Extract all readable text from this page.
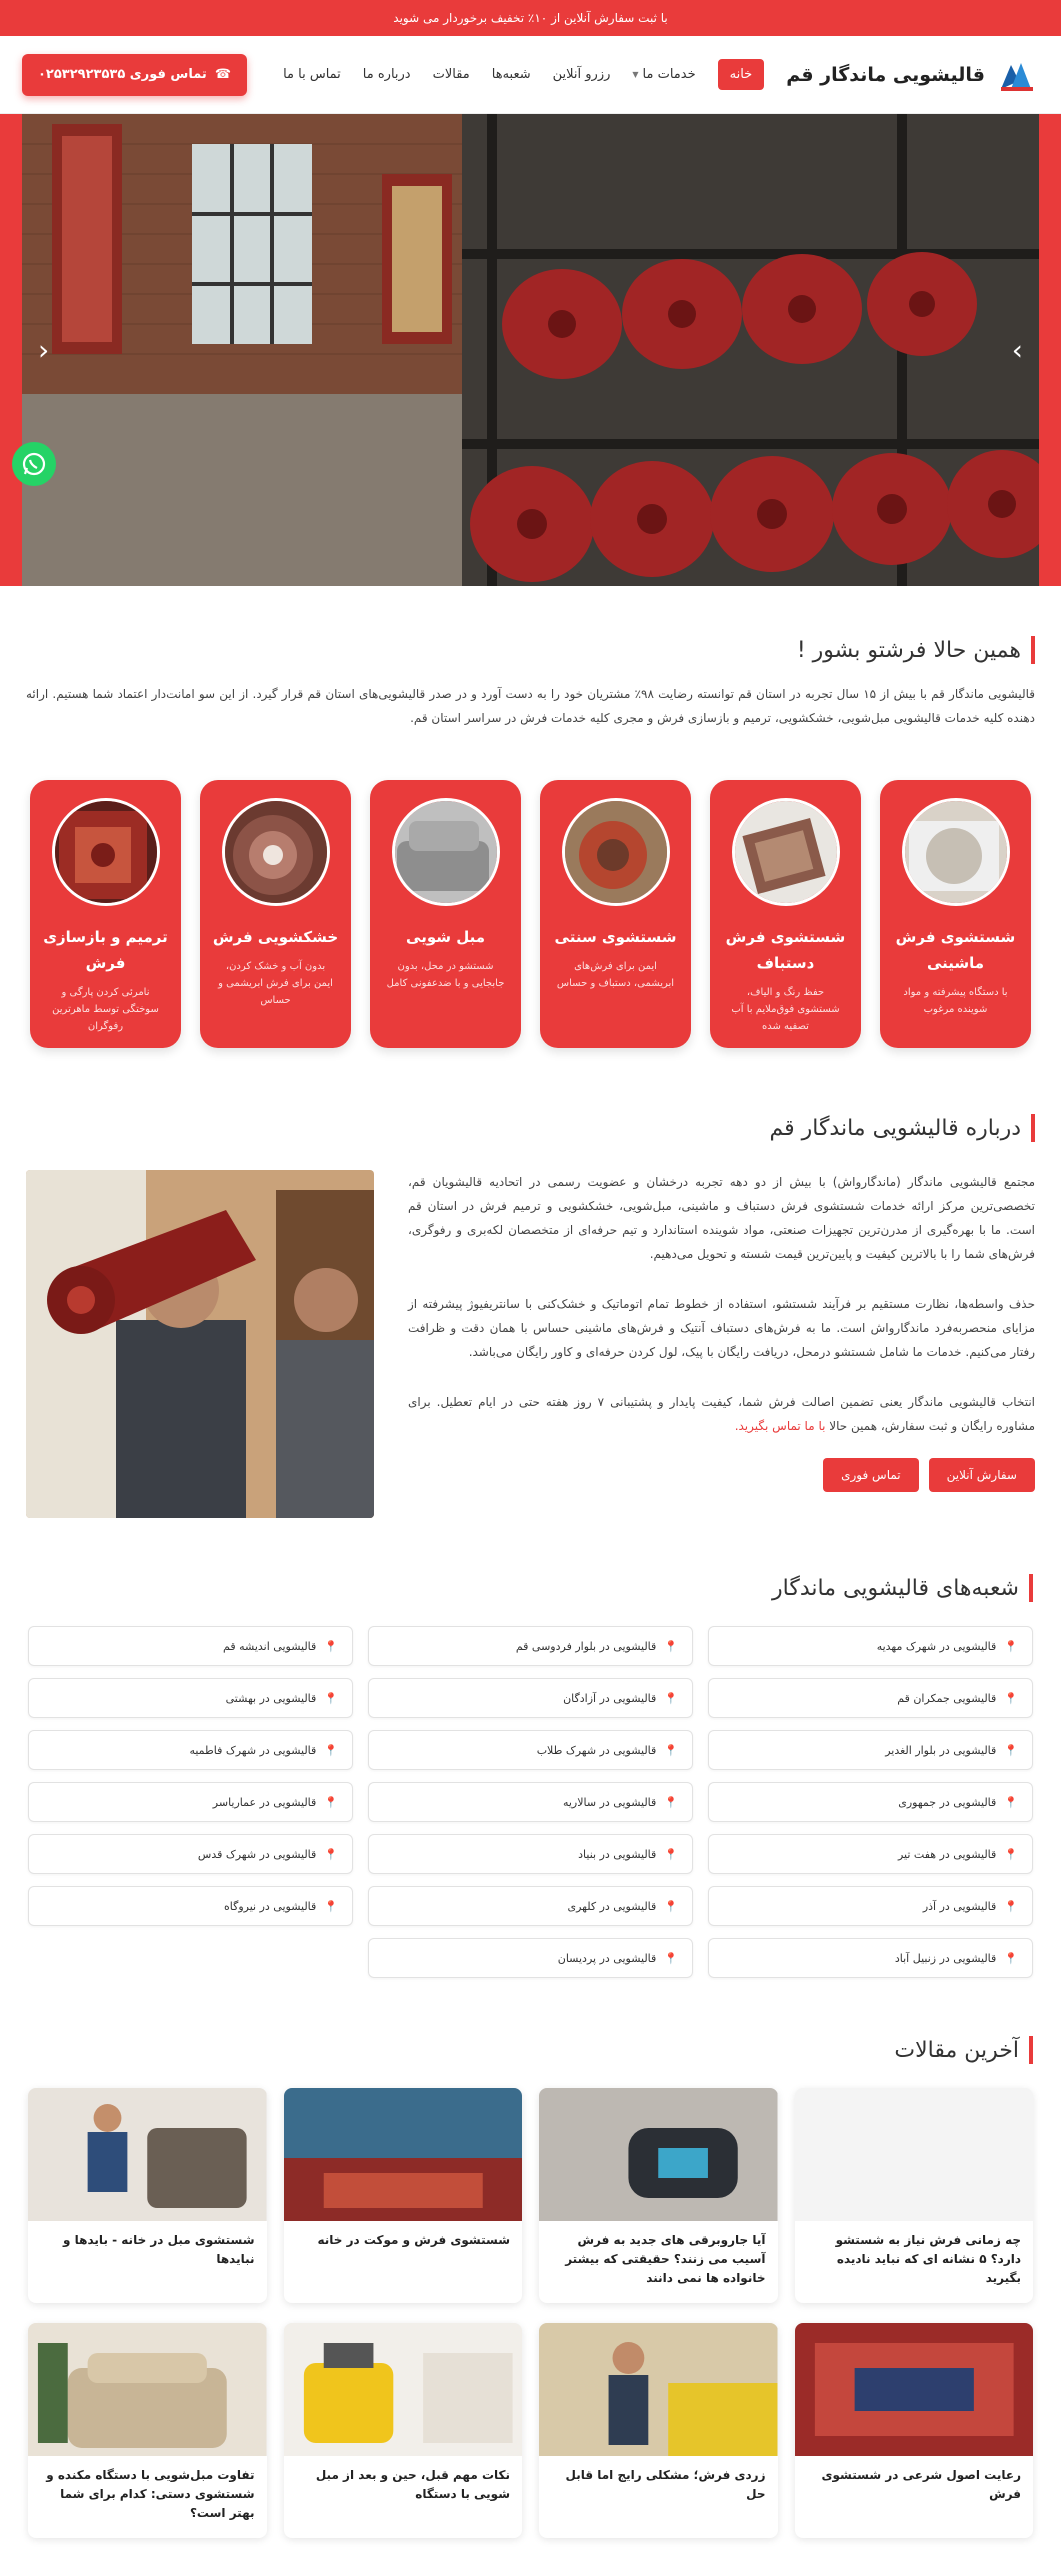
با ثبت سفارش آنلاین از ۱۰٪ تخفیف برخوردار می شوید
قالیشویی ماندگار قم
خانه
خدمات ما
▼
رزرو آنلاین
شعبه‌ها
مقالات
درباره ما
تماس با ما
☎
تماس فوری ۰۲۵۳۲۹۲۳۵۳۵
‹	›
همین حالا فرشتو بشور !

قالیشویی ماندگار قم با بیش از ۱۵ سال تجربه در استان قم توانسته رضایت ۹۸٪ مشتریان خود را به دست آورد و در صدر قالیشویی‌های استان قم قرار گیرد. از این سو امانت‌دار اعتماد شما هستیم. ارائه دهنده کلیه خدمات قالیشویی مبل‌شویی، خشکشویی، ترمیم و بازسازی فرش و مجری کلیه خدمات فرش در سراسر استان قم.

شستشوی فرش ماشینی
با دستگاه پیشرفته و مواد شوینده مرغوب
شستشوی فرش دستباف
حفظ رنگ و الیاف، شستشوی فوق‌ملایم با آب تصفیه شده
شستشوی سنتی
ایمن برای فرش‌های ابریشمی، دستباف و حساس
مبل شویی
شستشو در محل، بدون جابجایی و با ضدعفونی کامل
خشکشویی فرش
بدون آب و خشک کردن، ایمن برای فرش ابریشمی و حساس
ترمیم و بازسازی فرش
نامرئی کردن پارگی و سوختگی توسط ماهرترین رفوگران
درباره قالیشویی ماندگار قم

مجتمع قالیشویی ماندگار (ماندگارواش) با بیش از دو دهه تجربه درخشان و عضویت رسمی در اتحادیه قالیشویان قم، تخصصی‌ترین مرکز ارائه خدمات شستشوی فرش دستباف و ماشینی، مبل‌شویی، خشکشویی و ترمیم فرش در استان قم است. ما با بهره‌گیری از مدرن‌ترین تجهیزات صنعتی، مواد شوینده استاندارد و تیم حرفه‌ای از متخصصان لکه‌بری و رفوگری، فرش‌های شما را با بالاترین کیفیت و پایین‌ترین قیمت شسته و تحویل می‌دهیم.

حذف واسطه‌ها، نظارت مستقیم بر فرآیند شستشو، استفاده از خطوط تمام اتوماتیک و خشک‌کنی با سانتریفیوژ پیشرفته از مزایای منحصربه‌فرد ماندگارواش است. ما به فرش‌های دستباف آنتیک و فرش‌های ماشینی حساس با همان دقت و ظرافت رفتار می‌کنیم. خدمات ما شامل شستشو درمحل، دریافت رایگان با پیک، لول کردن حرفه‌ای و کاور رایگان می‌باشد.

انتخاب قالیشویی ماندگار یعنی تضمین اصالت فرش شما، کیفیت پایدار و پشتیبانی ۷ روز هفته حتی در ایام تعطیل. برای مشاوره رایگان و ثبت سفارش، همین حالا با ما تماس بگیرید.

سفارش آنلاین
تماس فوری
شعبه‌های قالیشویی ماندگار
📍
قالیشویی در شهرک مهدیه
📍
قالیشویی در بلوار فردوسی قم
📍
قالیشویی اندیشه قم
📍
قالیشویی جمکران قم
📍
قالیشویی در آزادگان
📍
قالیشویی در بهشتی
📍
قالیشویی در بلوار الغدیر
📍
قالیشویی در شهرک طلاب
📍
قالیشویی در شهرک فاطمیه
📍
قالیشویی در جمهوری
📍
قالیشویی در سالاریه
📍
قالیشویی در عمارياسر
📍
قالیشویی در هفت تیر
📍
قالیشویی در بنیاد
📍
قالیشویی در شهرک قدس
📍
قالیشویی در آذر
📍
قالیشویی در کلهری
📍
قالیشویی در نیروگاه
📍
قالیشویی در زنبیل آباد
📍
قالیشویی در پردیسان
آخرین مقالات
چه زمانی فرش نیاز به شستشو دارد؟ ۵ نشانه ای که نباید نادیده بگیرید
آیا جاروبرقی های جدید به فرش آسیب می زنند؟ حقیقتی که بیشتر خانواده ها نمی دانند
شستشوی فرش و موکت در خانه
شستشوی مبل در خانه - بایدها و نبایدها
رعایت اصول شرعی در شستشوی فرش
زردی فرش؛ مشکلی رایج اما قابل حل
نکات مهم قبل، حین و بعد از مبل شویی با دستگاه
تفاوت مبل‌شویی با دستگاه مکنده و شستشوی دستی: کدام برای شما بهتر است؟
